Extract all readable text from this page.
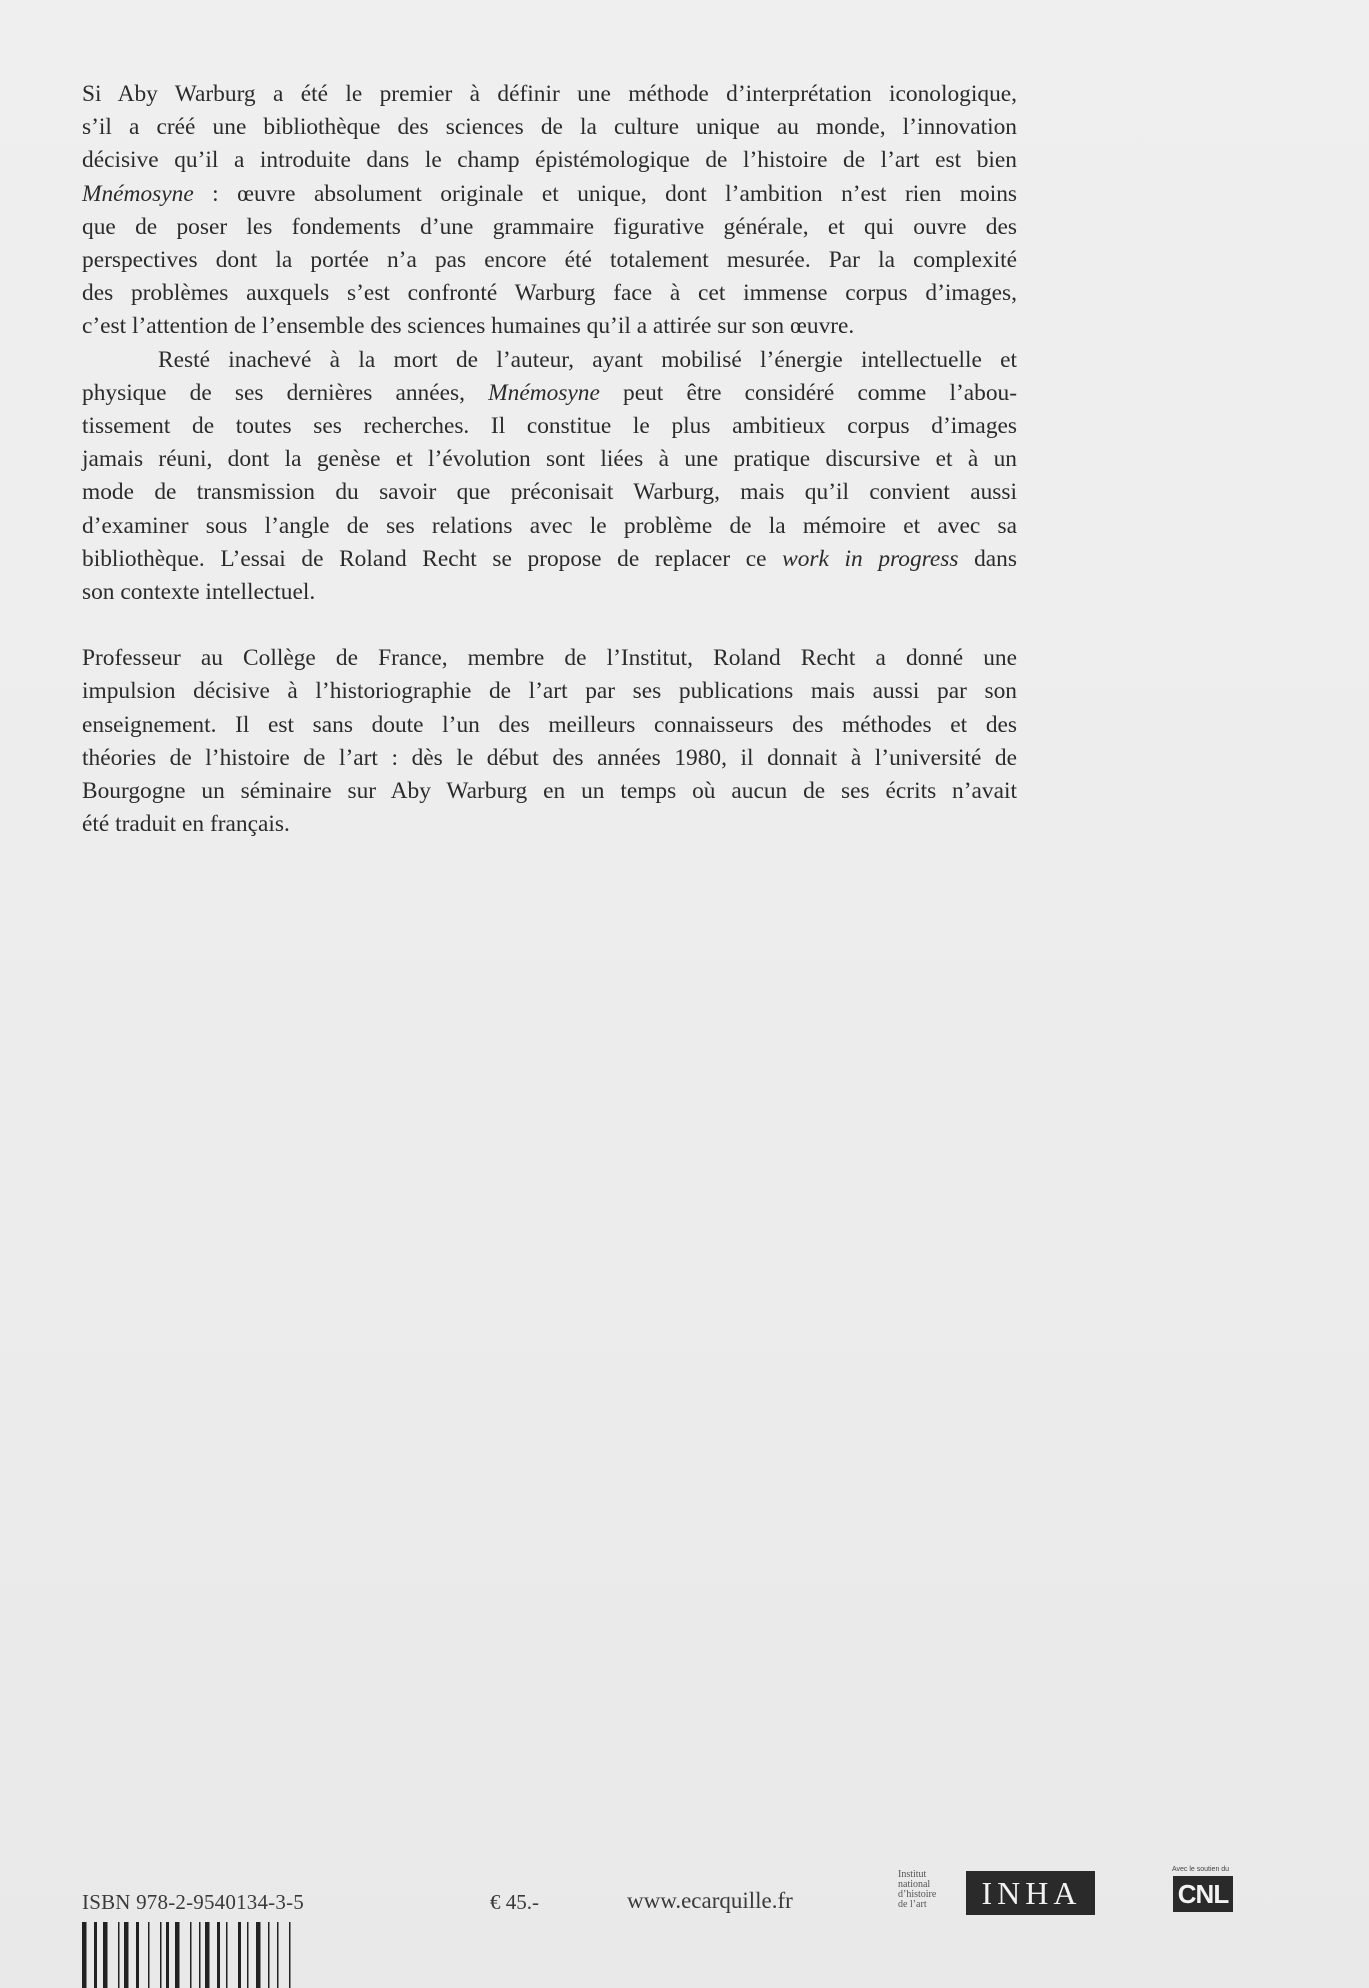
Si Aby Warburg a été le premier à définir une méthode d’interprétation iconologique,
s’il a créé une bibliothèque des sciences de la culture unique au monde, l’innovation
décisive qu’il a introduite dans le champ épistémologique de l’histoire de l’art est bien
Mnémosyne : œuvre absolument originale et unique, dont l’ambition n’est rien moins
que de poser les fondements d’une grammaire figurative générale, et qui ouvre des
perspectives dont la portée n’a pas encore été totalement mesurée. Par la complexité
des problèmes auxquels s’est confronté Warburg face à cet immense corpus d’images,
c’est l’attention de l’ensemble des sciences humaines qu’il a attirée sur son œuvre.
Resté inachevé à la mort de l’auteur, ayant mobilisé l’énergie intellectuelle et
physique de ses dernières années, Mnémosyne peut être considéré comme l’abou-
tissement de toutes ses recherches. Il constitue le plus ambitieux corpus d’images
jamais réuni, dont la genèse et l’évolution sont liées à une pratique discursive et à un
mode de transmission du savoir que préconisait Warburg, mais qu’il convient aussi
d’examiner sous l’angle de ses relations avec le problème de la mémoire et avec sa
bibliothèque. L’essai de Roland Recht se propose de replacer ce work in progress dans
son contexte intellectuel.
Professeur au Collège de France, membre de l’Institut, Roland Recht a donné une
impulsion décisive à l’historiographie de l’art par ses publications mais aussi par son
enseignement. Il est sans doute l’un des meilleurs connaisseurs des méthodes et des
théories de l’histoire de l’art : dès le début des années 1980, il donnait à l’université de
Bourgogne un séminaire sur Aby Warburg en un temps où aucun de ses écrits n’avait
été traduit en français.
ISBN 978-2-9540134-3-5	€ 45.-	www.ecarquille.fr
Institut
national
d’histoire
de l’art	INHA
Avec le soutien du
CNL
